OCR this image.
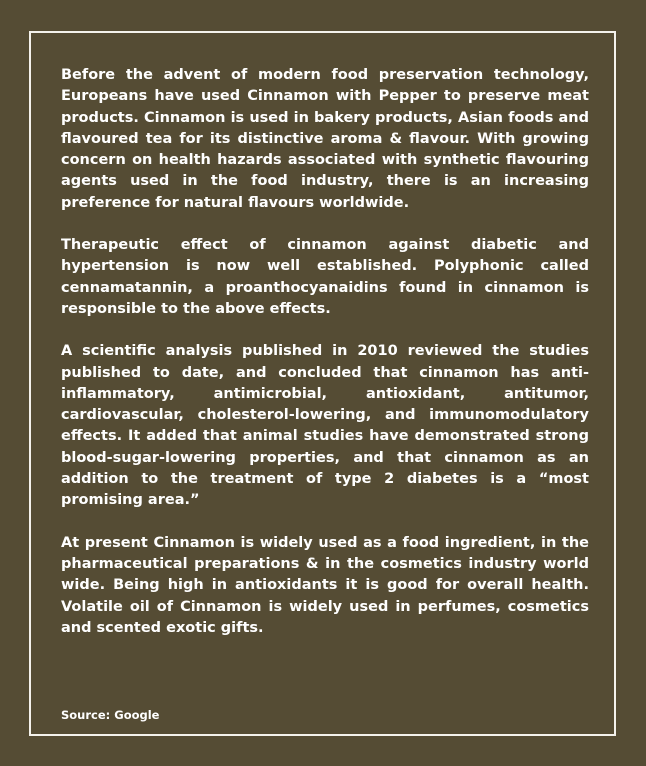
Before the advent of modern food preservation technology, Europeans have used Cinnamon with Pepper to preserve meat products. Cinnamon is used in bakery products, Asian foods and flavoured tea for its distinctive aroma & flavour. With growing concern on health hazards associated with synthetic flavouring agents used in the food industry, there is an increasing preference for natural flavours worldwide.

Therapeutic effect of cinnamon against diabetic and hypertension is now well established. Polyphonic called cennamatannin, a proanthocyanaidins found in cinnamon is responsible to the above effects.

A scientific analysis published in 2010 reviewed the studies published to date, and concluded that cinnamon has anti-inflammatory, antimicrobial, antioxidant, antitumor, cardiovascular, cholesterol-lowering, and immunomodulatory effects. It added that animal studies have demonstrated strong blood-sugar-lowering properties, and that cinnamon as an addition to the treatment of type 2 diabetes is a “most promising area.”

At present Cinnamon is widely used as a food ingredient, in the pharmaceutical preparations & in the cosmetics industry world wide. Being high in antioxidants it is good for overall health. Volatile oil of Cinnamon is widely used in perfumes, cosmetics and scented exotic gifts.

Source: Google
